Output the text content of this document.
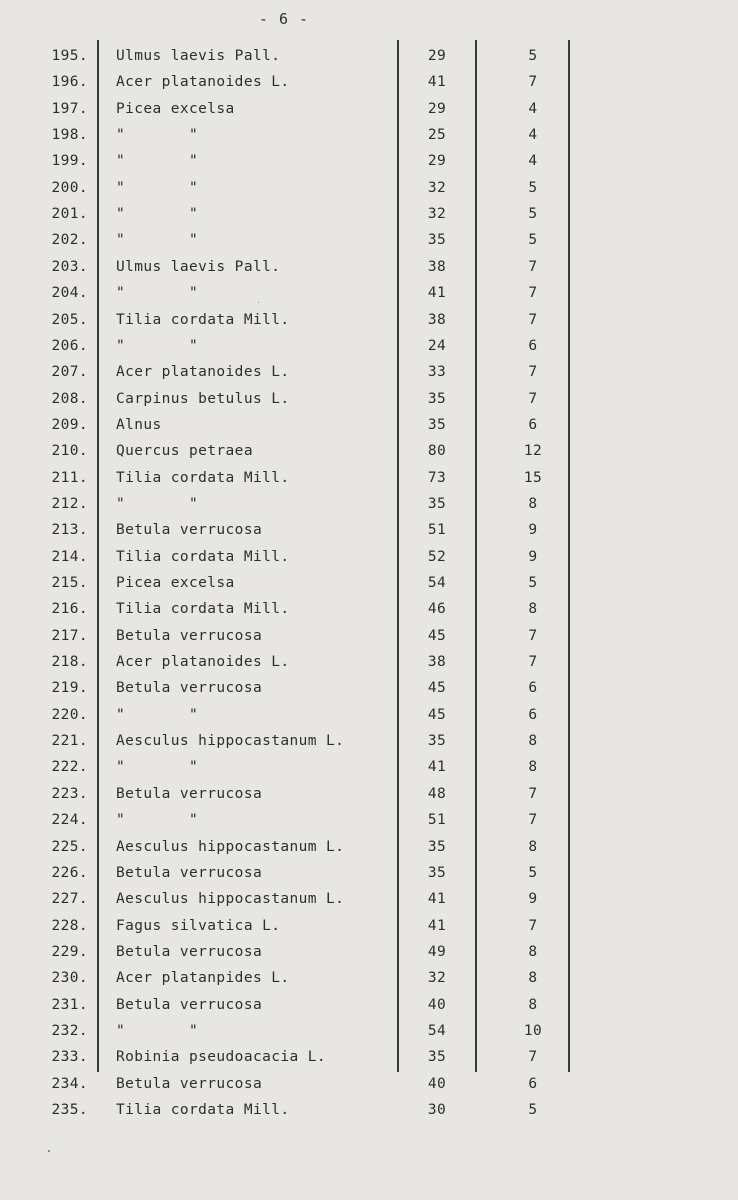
- 6 -
195. Ulmus laevis Pall.	29	5
196. Acer platanoides L.	41	7
197. Picea excelsa	29	4
198. "       "	25	4
199. "       "	29	4
200. "       "	32	5
201. "       "	32	5
202. "       "	35	5
203. Ulmus laevis Pall.	38	7
204. "       "	41	7
205. Tilia cordata Mill.	38	7
206. "       "	24	6
207. Acer platanoides L.	33	7
208. Carpinus betulus L.	35	7
209. Alnus	35	6
210. Quercus petraea	80	12
211. Tilia cordata Mill.	73	15
212. "       "	35	8
213. Betula verrucosa	51	9
214. Tilia cordata Mill.	52	9
215. Picea excelsa	54	5
216. Tilia cordata Mill.	46	8
217. Betula verrucosa	45	7
218. Acer platanoides L.	38	7
219. Betula verrucosa	45	6
220. "       "	45	6
221. Aesculus hippocastanum L.	35	8
222. "       "	41	8
223. Betula verrucosa	48	7
224. "       "	51	7
225. Aesculus hippocastanum L.	35	8
226. Betula verrucosa	35	5
227. Aesculus hippocastanum L.	41	9
228. Fagus silvatica L.	41	7
229. Betula verrucosa	49	8
230. Acer platanpides L.	32	8
231. Betula verrucosa	40	8
232. "       "	54	10
233. Robinia pseudoacacia L.	35	7
234. Betula verrucosa	40	6
235. Tilia cordata Mill.	30	5
